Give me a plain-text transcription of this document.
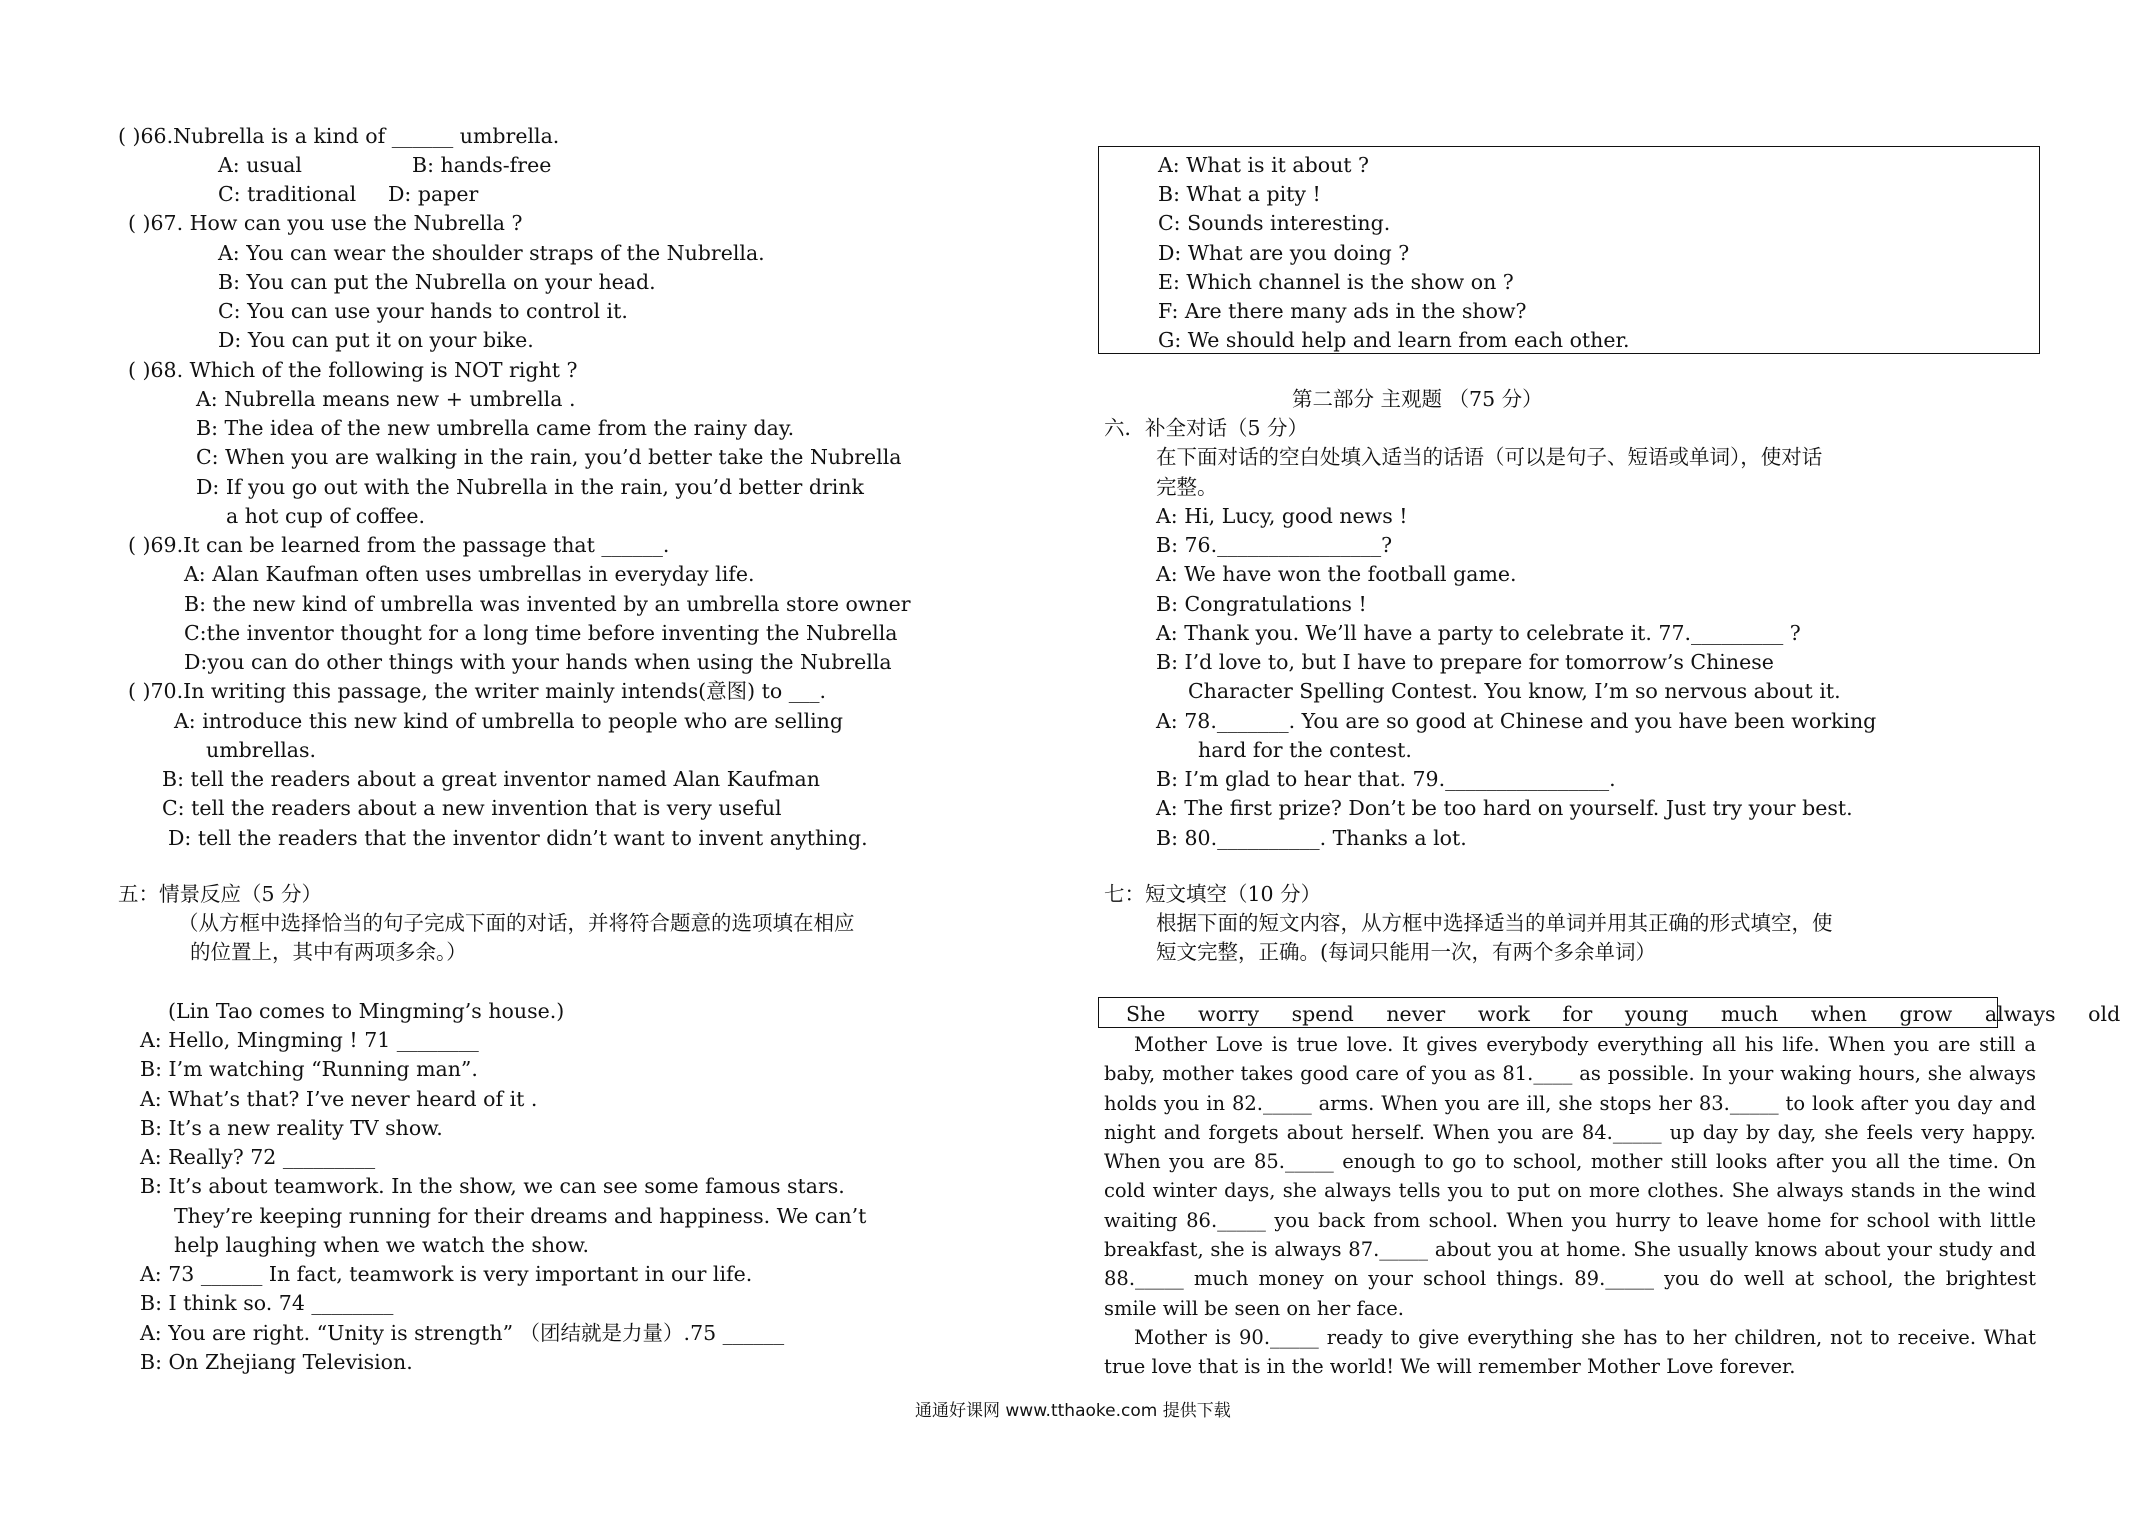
( )66.Nubrella is a kind of ______ umbrella.
A: usual	B: hands-free
C: traditional D: paper
( )67. How can you use the Nubrella ?
A: You can wear the shoulder straps of the Nubrella.
B: You can put the Nubrella on your head.
C: You can use your hands to control it.
D: You can put it on your bike.
( )68. Which of the following is NOT right ?
A: Nubrella means new + umbrella .
B: The idea of the new umbrella came from the rainy day.
C: When you are walking in the rain, you’d better take the Nubrella
D: If you go out with the Nubrella in the rain, you’d better drink
a hot cup of coffee.
( )69.It can be learned from the passage that ______.
A: Alan Kaufman often uses umbrellas in everyday life.
B: the new kind of umbrella was invented by an umbrella store owner
C:the inventor thought for a long time before inventing the Nubrella
D:you can do other things with your hands when using the Nubrella
( )70.In writing this passage, the writer mainly intends(意图) to ___.
A: introduce this new kind of umbrella to people who are selling
umbrellas.
B: tell the readers about a great inventor named Alan Kaufman
C: tell the readers about a new invention that is very useful
D: tell the readers that the inventor didn’t want to invent anything.
五：情景反应（5 分）
（从方框中选择恰当的句子完成下面的对话，并将符合题意的选项填在相应
的位置上，其中有两项多余。）
(Lin Tao comes to Mingming’s house.)
A: Hello, Mingming ! 71 ________
B: I’m watching “Running man”.
A: What’s that? I’ve never heard of it .
B: It’s a new reality TV show.
A: Really? 72 _________
B: It’s about teamwork. In the show, we can see some famous stars.
They’re keeping running for their dreams and happiness. We can’t
help laughing when we watch the show.
A: 73 ______ In fact, teamwork is very important in our life.
B: I think so. 74 ________
A: You are right. “Unity is strength” （团结就是力量）.75 ______
B: On Zhejiang Television.
A: What is it about ?
B: What a pity !
C: Sounds interesting.
D: What are you doing ?
E: Which channel is the show on ?
F: Are there many ads in the show?
G: We should help and learn from each other.
第二部分 主观题 （75 分）
六．补全对话（5 分）
在下面对话的空白处填入适当的话语（可以是句子、短语或单词），使对话
完整。
A: Hi, Lucy, good news !
B: 76.________________?
A: We have won the football game.
B: Congratulations !
A: Thank you. We’ll have a party to celebrate it. 77._________ ?
B: I’d love to, but I have to prepare for tomorrow’s Chinese
Character Spelling Contest. You know, I’m so nervous about it.
A: 78._______. You are so good at Chinese and you have been working
hard for the contest.
B: I’m glad to hear that. 79.________________.
A: The first prize? Don’t be too hard on yourself. Just try your best.
B: 80.__________. Thanks a lot.
七：短文填空（10 分）
根据下面的短文内容，从方框中选择适当的单词并用其正确的形式填空，使
短文完整，正确。(每词只能用一次，有两个多余单词）
She worry spend never work for young much when grow always old

Mother Love is true love. It gives everybody everything all his life. When you are still a baby, mother takes good care of you as 81.____ as possible. In your waking hours, she always holds you in 82._____ arms. When you are ill, she stops her 83._____ to look after you day and night and forgets about herself. When you are 84._____ up day by day, she feels very happy. When you are 85._____ enough to go to school, mother still looks after you all the time. On cold winter days, she always tells you to put on more clothes. She always stands in the wind waiting 86._____ you back from school. When you hurry to leave home for school with little breakfast, she is always 87._____ about you at home. She usually knows about your study and 88._____ much money on your school things. 89._____ you do well at school, the brightest smile will be seen on her face.

Mother is 90._____ ready to give everything she has to her children, not to receive. What true love that is in the world! We will remember Mother Love forever.

通通好课网 www.tthaoke.com 提供下载
